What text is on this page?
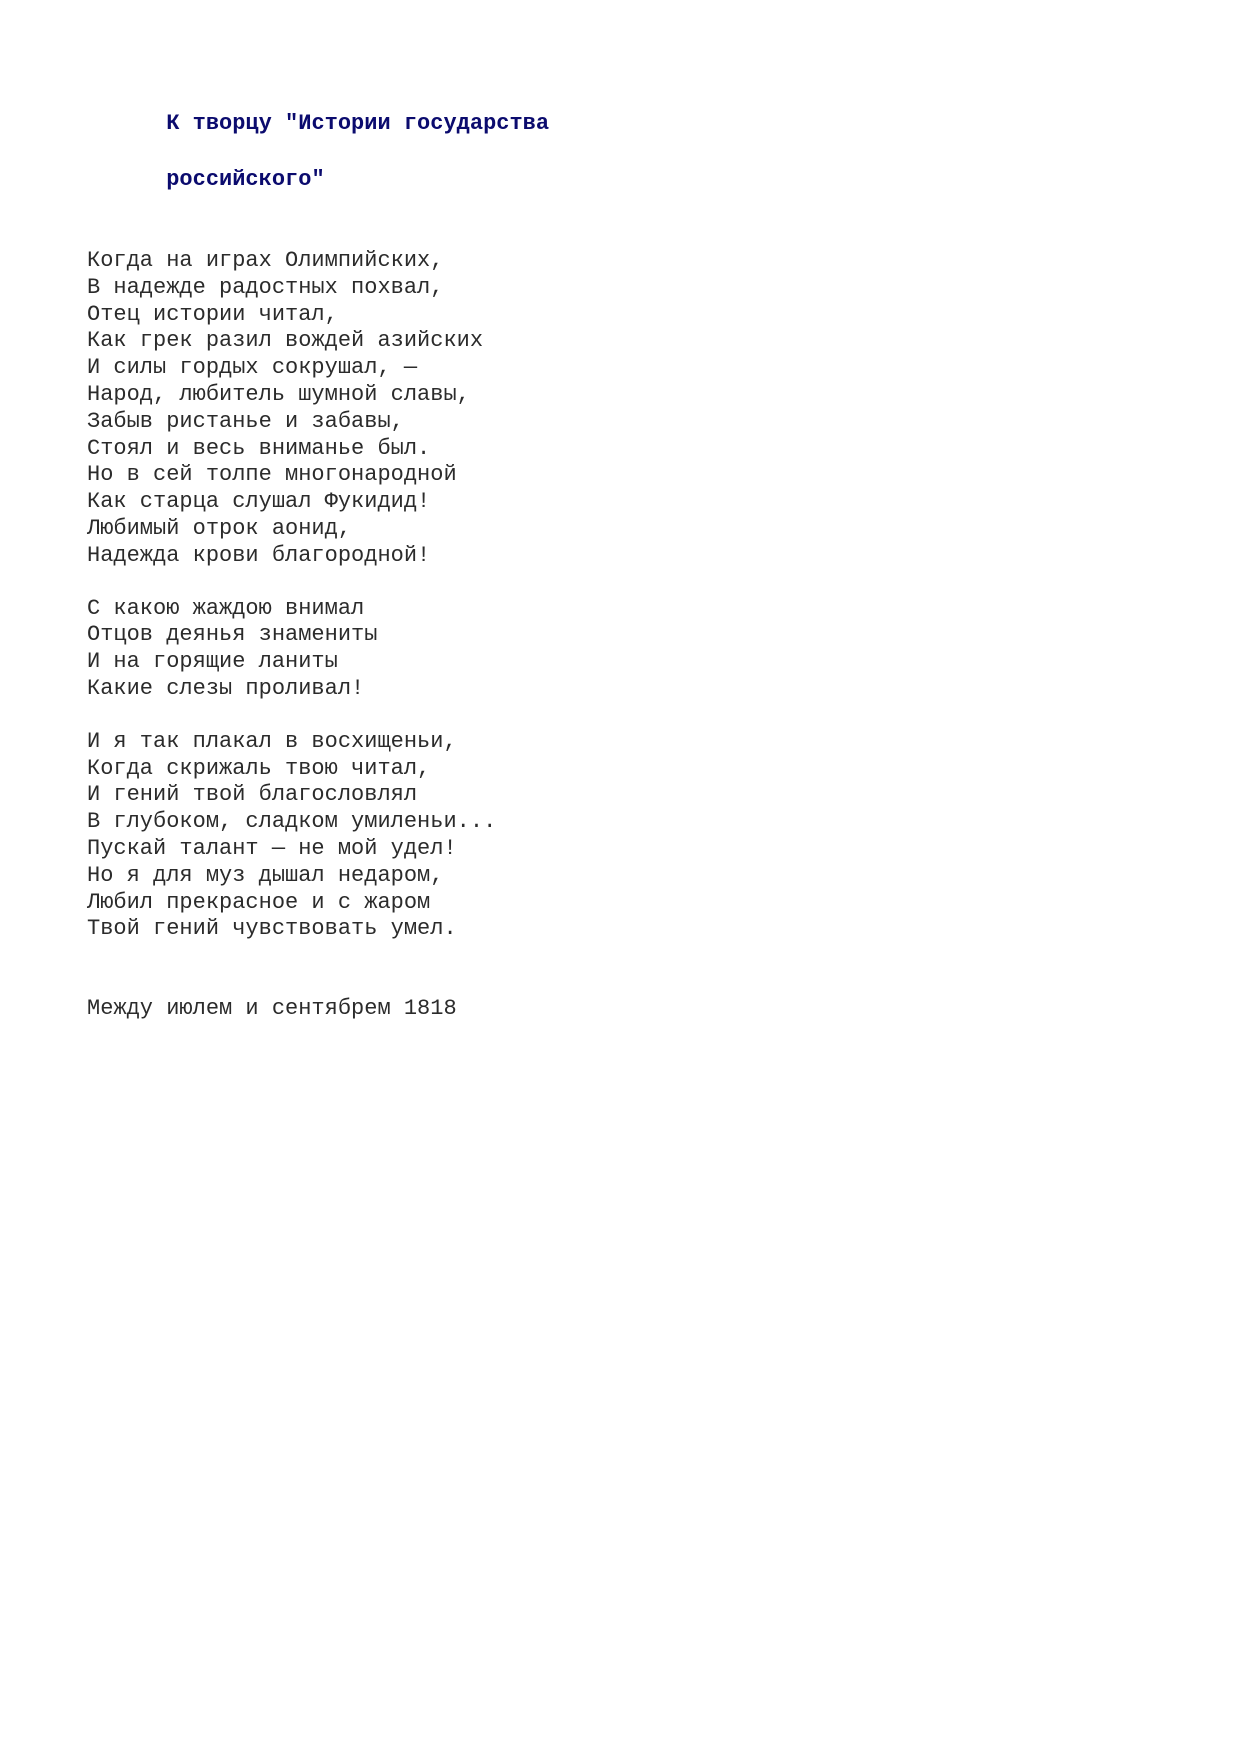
К творцу "Истории государства

российского"

Когда на играх Олимпийских,
В надежде радостных похвал,
Отец истории читал,
Как грек разил вождей азийских
И силы гордых сокрушал, —
Народ, любитель шумной славы,
Забыв ристанье и забавы,
Стоял и весь вниманье был.
Но в сей толпе многонародной
Как старца слушал Фукидид!
Любимый отрок аонид,
Надежда крови благородной!
С какою жаждою внимал
Отцов деянья знамениты
И на горящие ланиты
Какие слезы проливал!
И я так плакал в восхищеньи,
Когда скрижаль твою читал,
И гений твой благословлял
В глубоком, сладком умиленьи...
Пускай талант — не мой удел!
Но я для муз дышал недаром,
Любил прекрасное и с жаром
Твой гений чувствовать умел.
Между июлем и сентябрем 1818
